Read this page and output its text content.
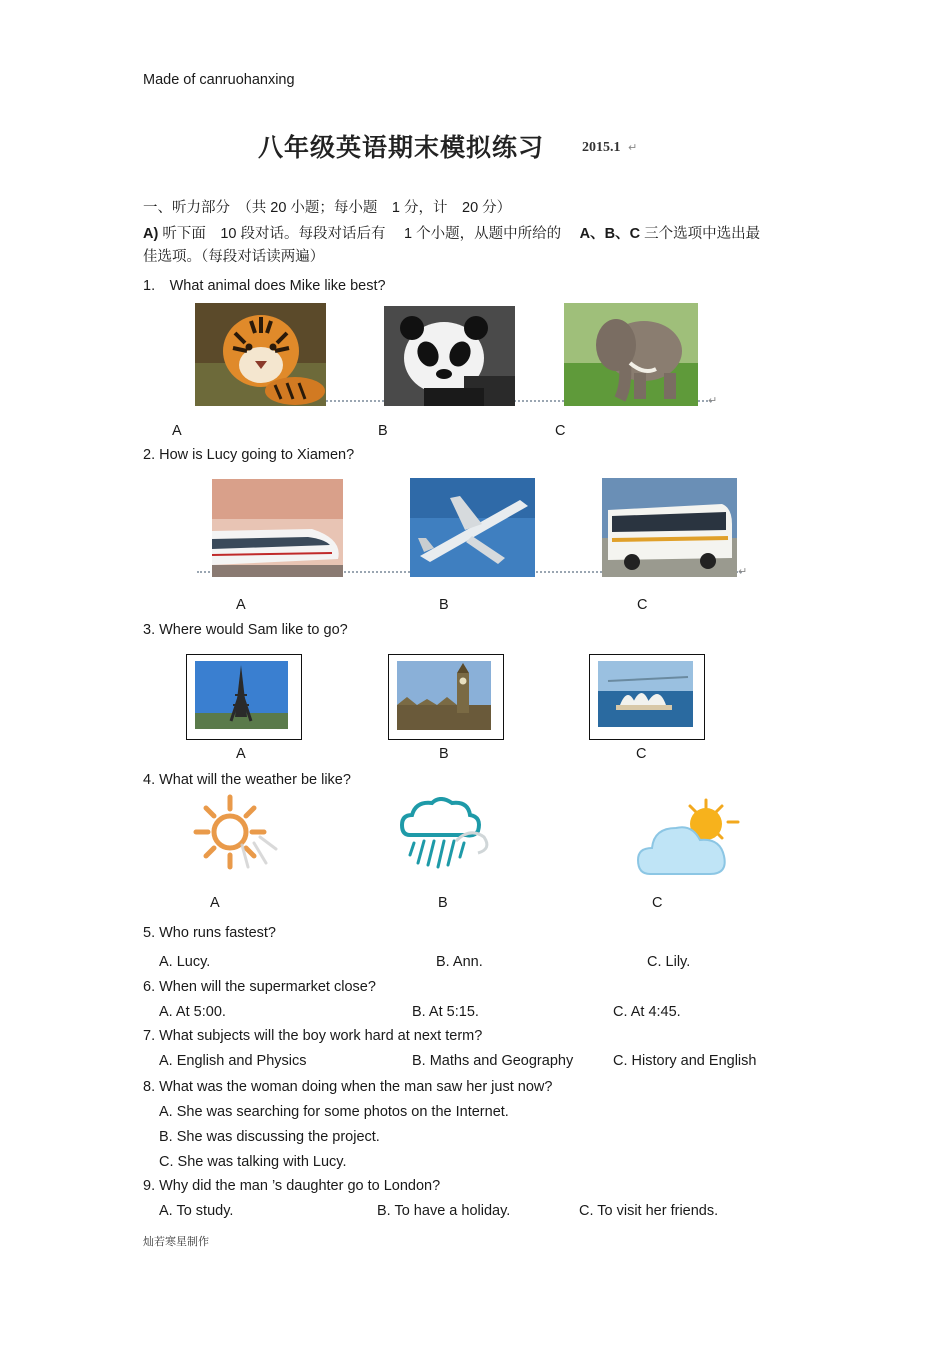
Made of canruohanxing
八年级英语期末模拟练习	2015.1 ↵
一、听力部分　（共 20 小题；每小题　1 分，计　20 分）
A) 听下面　10 段对话。每段对话后有　 1 个小题，从题中所给的　 A、B、C 三个选项中选出最
佳选项。（每段对话读两遍）
1.　What animal does Mike like best?
↵
A	B	C
2. How is Lucy going to Xiamen?
↵
A	B	C
3. Where would Sam like to go?
A	B	C
4. What will the weather be like?
A	B	C
5. Who runs fastest?
A. Lucy.	B. Ann.	C. Lily.
6. When will the supermarket close?
A. At 5:00.	B. At 5:15.	C. At 4:45.
7. What subjects will the boy work hard at next term?
A. English and Physics	B. Maths and Geography	C. History and English
8. What was the woman doing when the man saw her just now?
A. She was searching for some photos on the Internet.
B. She was discussing the project.
C. She was talking with Lucy.
9. Why did the man ’s daughter go to London?
A. To study.	B. To have a holiday.	C. To visit her friends.
灿若寒星制作
